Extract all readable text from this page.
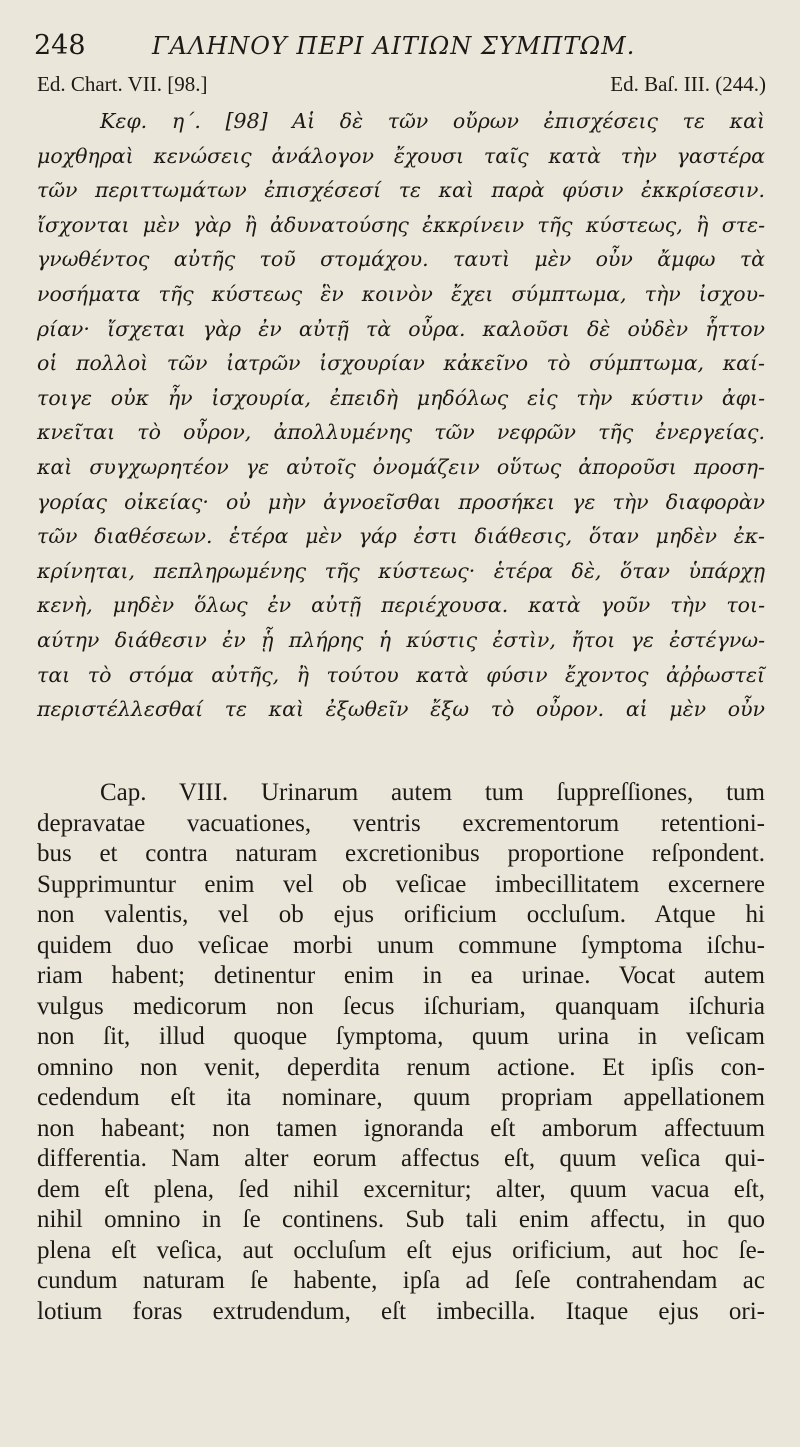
248	ΓΑΛΗΝΟΥ ΠΕΡΙ ΑΙΤΙΩΝ ΣΥΜΠΤΩΜ.
Ed. Chart. VII. [98.]	Ed. Baſ. III. (244.)
Κεφ. η΄. [98] Αἱ δὲ τῶν οὔρων ἐπισχέσεις τε καὶ
μοχθηραὶ κενώσεις ἀνάλογον ἔχουσι ταῖς κατὰ τὴν γαστέρα
τῶν περιττωμάτων ἐπισχέσεσί τε καὶ παρὰ φύσιν ἐκκρίσεσιν.
ἴσχονται μὲν γὰρ ἢ ἀδυνατούσης ἐκκρίνειν τῆς κύστεως, ἢ στε-
γνωθέντος αὐτῆς τοῦ στομάχου. ταυτὶ μὲν οὖν ἄμφω τὰ
νοσήματα τῆς κύστεως ἓν κοινὸν ἔχει σύμπτωμα, τὴν ἰσχου-
ρίαν· ἴσχεται γὰρ ἐν αὐτῇ τὰ οὖρα. καλοῦσι δὲ οὐδὲν ἧττον
οἱ πολλοὶ τῶν ἰατρῶν ἰσχουρίαν κἀκεῖνο τὸ σύμπτωμα, καί-
τοιγε οὐκ ἦν ἰσχουρία, ἐπειδὴ μηδόλως εἰς τὴν κύστιν ἀφι-
κνεῖται τὸ οὖρον, ἀπολλυμένης τῶν νεφρῶν τῆς ἐνεργείας.
καὶ συγχωρητέον γε αὐτοῖς ὀνομάζειν οὕτως ἀποροῦσι προση-
γορίας οἰκείας· οὐ μὴν ἀγνοεῖσθαι προσήκει γε τὴν διαφορὰν
τῶν διαθέσεων. ἑτέρα μὲν γάρ ἐστι διάθεσις, ὅταν μηδὲν ἐκ-
κρίνηται, πεπληρωμένης τῆς κύστεως· ἑτέρα δὲ, ὅταν ὑπάρχῃ
κενὴ, μηδὲν ὅλως ἐν αὐτῇ περιέχουσα. κατὰ γοῦν τὴν τοι-
αύτην διάθεσιν ἐν ᾗ πλήρης ἡ κύστις ἐστὶν, ἤτοι γε ἐστέγνω-
ται τὸ στόμα αὐτῆς, ἢ τούτου κατὰ φύσιν ἔχοντος ἀῤῥωστεῖ
περιστέλλεσθαί τε καὶ ἐξωθεῖν ἔξω τὸ οὖρον. αἱ μὲν οὖν
Cap. VIII. Urinarum autem tum ſuppreſſiones, tum
depravatae vacuationes, ventris excrementorum retentioni-
bus et contra naturam excretionibus proportione reſpondent.
Supprimuntur enim vel ob veſicae imbecillitatem excernere
non valentis, vel ob ejus orificium occluſum. Atque hi
quidem duo veſicae morbi unum commune ſymptoma iſchu-
riam habent; detinentur enim in ea urinae. Vocat autem
vulgus medicorum non ſecus iſchuriam, quanquam iſchuria
non ſit, illud quoque ſymptoma, quum urina in veſicam
omnino non venit, deperdita renum actione. Et ipſis con-
cedendum eſt ita nominare, quum propriam appellationem
non habeant; non tamen ignoranda eſt amborum affectuum
differentia. Nam alter eorum affectus eſt, quum veſica qui-
dem eſt plena, ſed nihil excernitur; alter, quum vacua eſt,
nihil omnino in ſe continens. Sub tali enim affectu, in quo
plena eſt veſica, aut occluſum eſt ejus orificium, aut hoc ſe-
cundum naturam ſe habente, ipſa ad ſeſe contrahendam ac
lotium foras extrudendum, eſt imbecilla. Itaque ejus ori-
